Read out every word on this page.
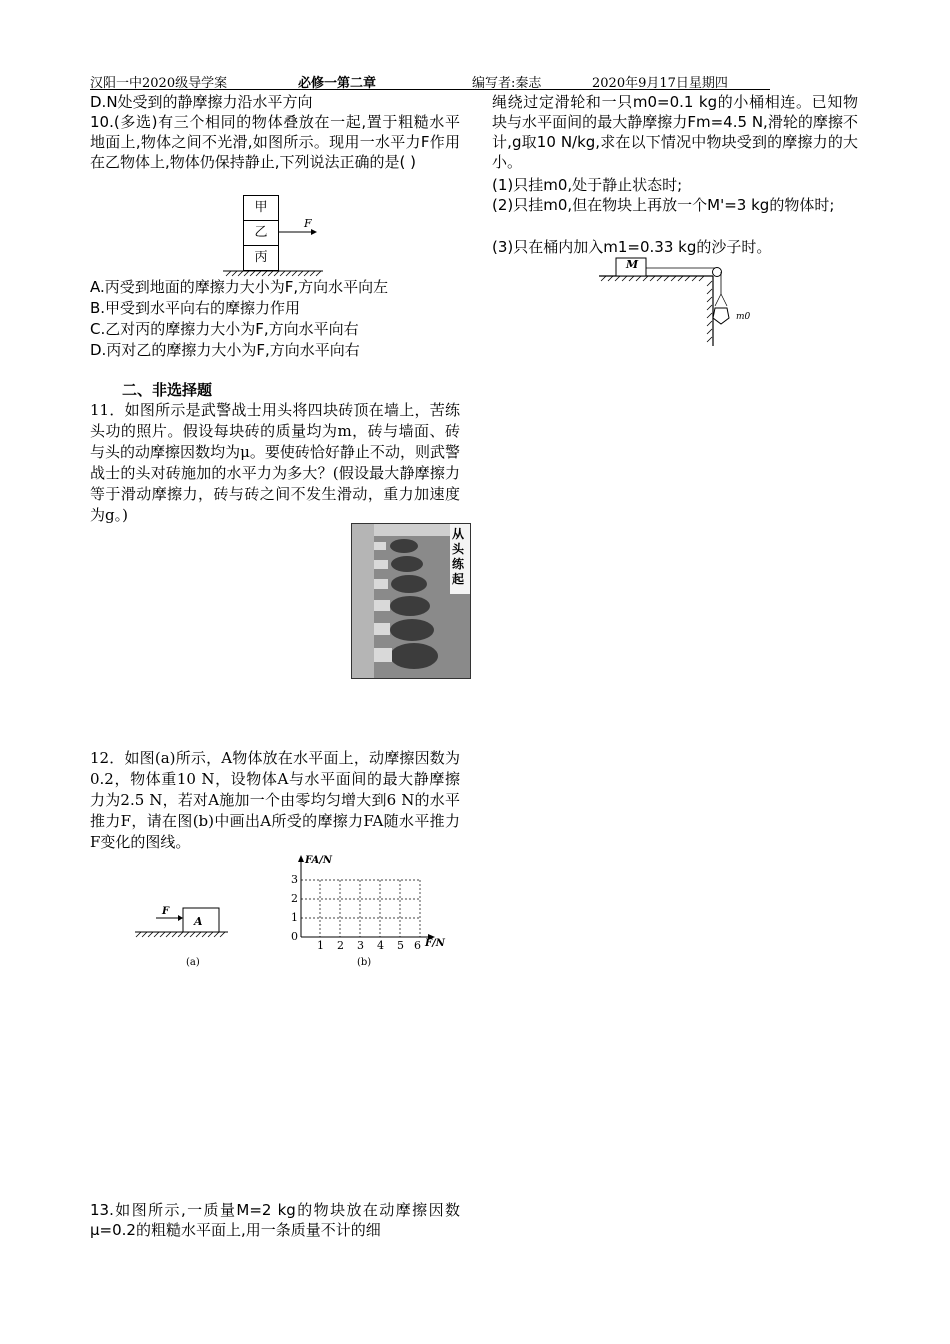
汉阳一中2020级导学案	必修一第二章	编写者:秦志	2020年9月17日星期四
D.N处受到的静摩擦力沿水平方向
10.(多选)有三个相同的物体叠放在一起,置于粗糙水平地面上,物体之间不光滑,如图所示。现用一水平力F作用在乙物体上,物体仍保持静止,下列说法正确的是( )
甲
乙
丙
F
A.丙受到地面的摩擦力大小为F,方向水平向左
B.甲受到水平向右的摩擦力作用
C.乙对丙的摩擦力大小为F,方向水平向右
D.丙对乙的摩擦力大小为F,方向水平向右
二、非选择题
11．如图所示是武警战士用头将四块砖顶在墙上，苦练头功的照片。假设每块砖的质量均为m，砖与墙面、砖与头的动摩擦因数均为μ。要使砖恰好静止不动，则武警战士的头对砖施加的水平力为多大？(假设最大静摩擦力等于滑动摩擦力，砖与砖之间不发生滑动，重力加速度为g。)
从头练起
12．如图(a)所示，A物体放在水平面上，动摩擦因数为0.2，物体重10 N，设物体A与水平面间的最大静摩擦力为2.5 N，若对A施加一个由零均匀增大到6 N的水平推力F，请在图(b)中画出A所受的摩擦力FA随水平推力F变化的图线。
F
A
(a)
FA/N
0
1
2
3
1 2 3 4 5 6 F/N
(b)
13.如图所示,一质量M=2 kg的物块放在动摩擦因数μ=0.2的粗糙水平面上,用一条质量不计的细
绳绕过定滑轮和一只m0=0.1 kg的小桶相连。已知物块与水平面间的最大静摩擦力Fm=4.5 N,滑轮的摩擦不计,g取10 N/kg,求在以下情况中物块受到的摩擦力的大小。
(1)只挂m0,处于静止状态时;
(2)只挂m0,但在物块上再放一个M'=3 kg的物体时;
(3)只在桶内加入m1=0.33 kg的沙子时。
M
m0
